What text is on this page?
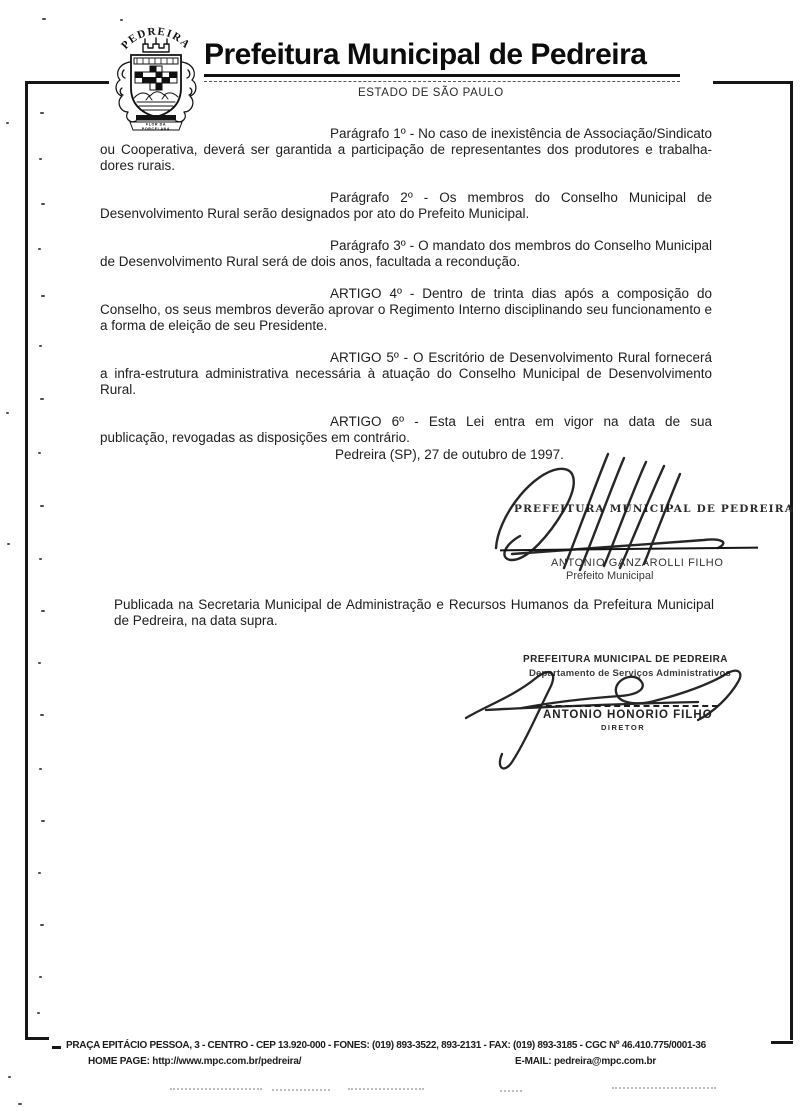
PEDREIRA
FLOR DA
PORCELANA
Prefeitura Municipal de Pedreira
ESTADO DE SÃO PAULO

Parágrafo 1º - No caso de inexistência de Associação/Sindicato ou Cooperativa, deverá ser garantida a participação de representantes dos produtores e trabalha- dores rurais.

Parágrafo 2º - Os membros do Conselho Municipal de Desenvolvimento Rural serão designados por ato do Prefeito Municipal.

Parágrafo 3º - O mandato dos membros do Conselho Municipal de Desenvolvimento Rural será de dois anos, facultada a recondução.

ARTIGO 4º - Dentro de trinta dias após a composição do Conselho, os seus membros deverão aprovar o Regimento Interno disciplinando seu funcionamento e a forma de eleição de seu Presidente.

ARTIGO 5º - O Escritório de Desenvolvimento Rural fornecerá a infra-estrutura administrativa necessária à atuação do Conselho Municipal de Desenvolvimento Rural.

ARTIGO 6º - Esta Lei entra em vigor na data de sua publicação, revogadas as disposições em contrário.

Pedreira (SP), 27 de outubro de 1997.
PREFEITURA MUNICIPAL DE PEDREIRA
ANTONIO GANZAROLLI FILHO
Prefeito Municipal
Publicada na Secretaria Municipal de Administração e Recursos Humanos da Prefeitura Municipal de Pedreira, na data supra.
PREFEITURA MUNICIPAL DE PEDREIRA
Departamento de Serviços Administrativos
ANTONIO HONORIO FILHO
DIRETOR
PRAÇA EPITÁCIO PESSOA, 3 - CENTRO - CEP 13.920-000 - FONES: (019) 893-3522, 893-2131 - FAX: (019) 893-3185 - CGC Nº 46.410.775/0001-36
HOME PAGE: http://www.mpc.com.br/pedreira/	E-MAIL: pedreira@mpc.com.br
